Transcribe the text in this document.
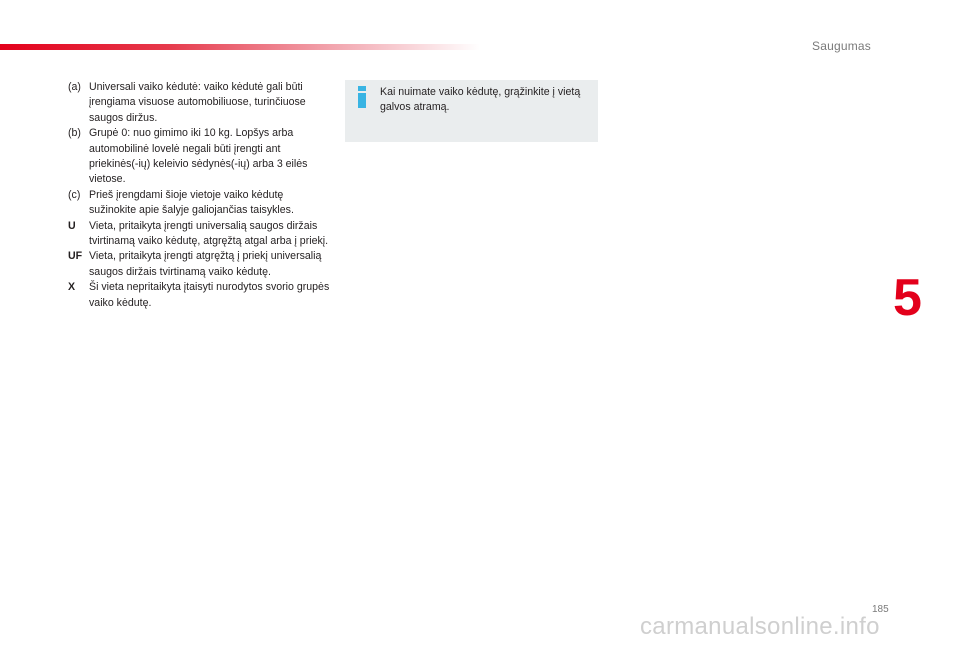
Saugumas
5
(a) Universali vaiko kėdutė: vaiko kėdutė gali būti įrengiama visuose automobiliuose, turinčiuose saugos diržus.
(b) Grupė 0: nuo gimimo iki 10 kg. Lopšys arba automobilinė lovelė negali būti įrengti ant priekinės(-ių) keleivio sėdynės(-ių) arba 3 eilės vietose.
(c) Prieš įrengdami šioje vietoje vaiko kėdutę sužinokite apie šalyje galiojančias taisykles.
U	Vieta, pritaikyta įrengti universalią saugos diržais tvirtinamą vaiko kėdutę, atgręžtą atgal arba į priekį.
UF Vieta, pritaikyta įrengti atgręžtą į priekį universalią saugos diržais tvirtinamą vaiko kėdutę.
X	Ši vieta nepritaikyta įtaisyti nurodytos svorio grupės vaiko kėdutę.
Kai nuimate vaiko kėdutę, grąžinkite į vietą galvos atramą.
185
carmanualsonline.info
